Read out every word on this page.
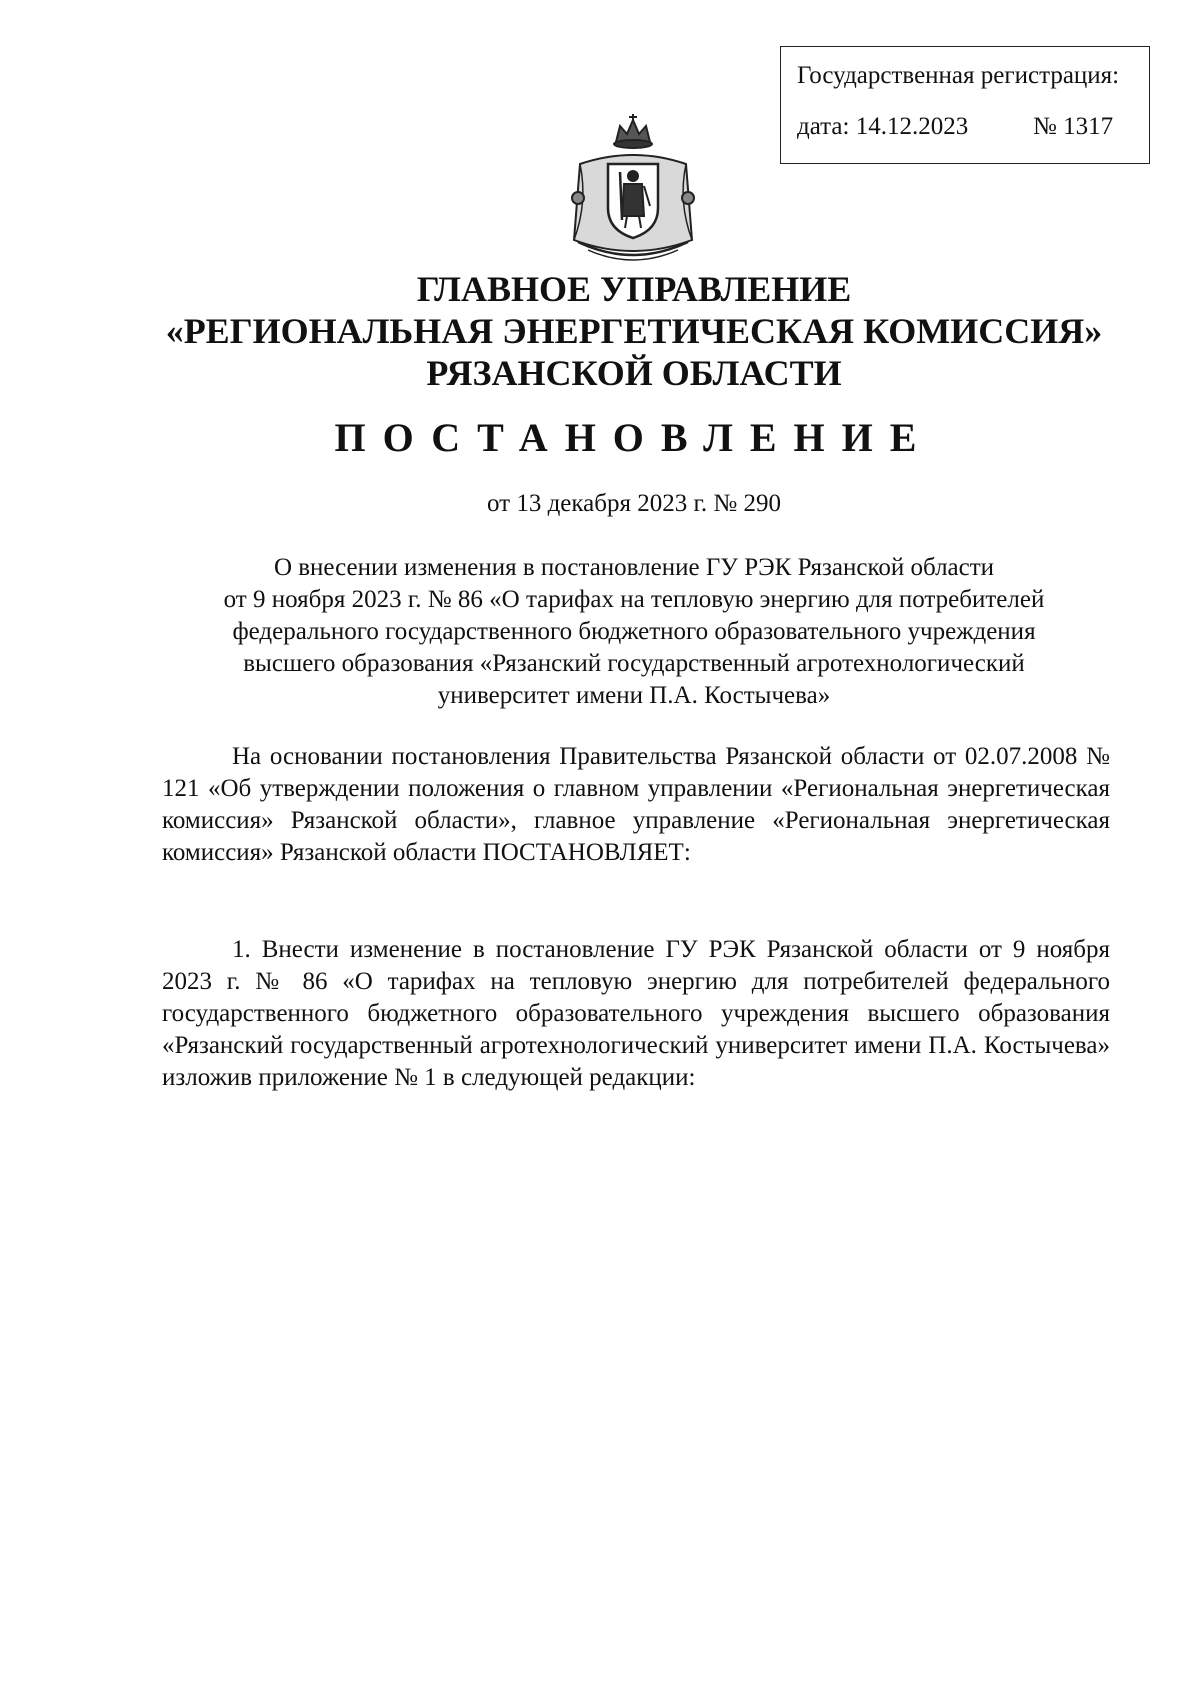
Государственная регистрация:
дата: 14.12.2023	№ 1317
ГЛАВНОЕ УПРАВЛЕНИЕ
«РЕГИОНАЛЬНАЯ ЭНЕРГЕТИЧЕСКАЯ КОМИССИЯ»
РЯЗАНСКОЙ ОБЛАСТИ
ПОСТАНОВЛЕНИЕ
от 13 декабря 2023 г. № 290
О внесении изменения в постановление ГУ РЭК Рязанской области
от 9 ноября 2023 г. № 86 «О тарифах на тепловую энергию для потребителей
федерального государственного бюджетного образовательного учреждения
высшего образования «Рязанский государственный агротехнологический
университет имени П.А. Костычева»

На основании постановления Правительства Рязанской области от 02.07.2008 № 121 «Об утверждении положения о главном управлении «Региональная энергетическая комиссия» Рязанской области», главное управление «Региональная энергетическая комиссия» Рязанской области ПОСТАНОВЛЯЕТ:

1. Внести изменение в постановление ГУ РЭК Рязанской области от 9 ноября 2023 г. № 86 «О тарифах на тепловую энергию для потребителей федерального государственного бюджетного образовательного учреждения высшего образования «Рязанский государственный агротехнологический университет имени П.А. Костычева» изложив приложение № 1 в следующей редакции:
